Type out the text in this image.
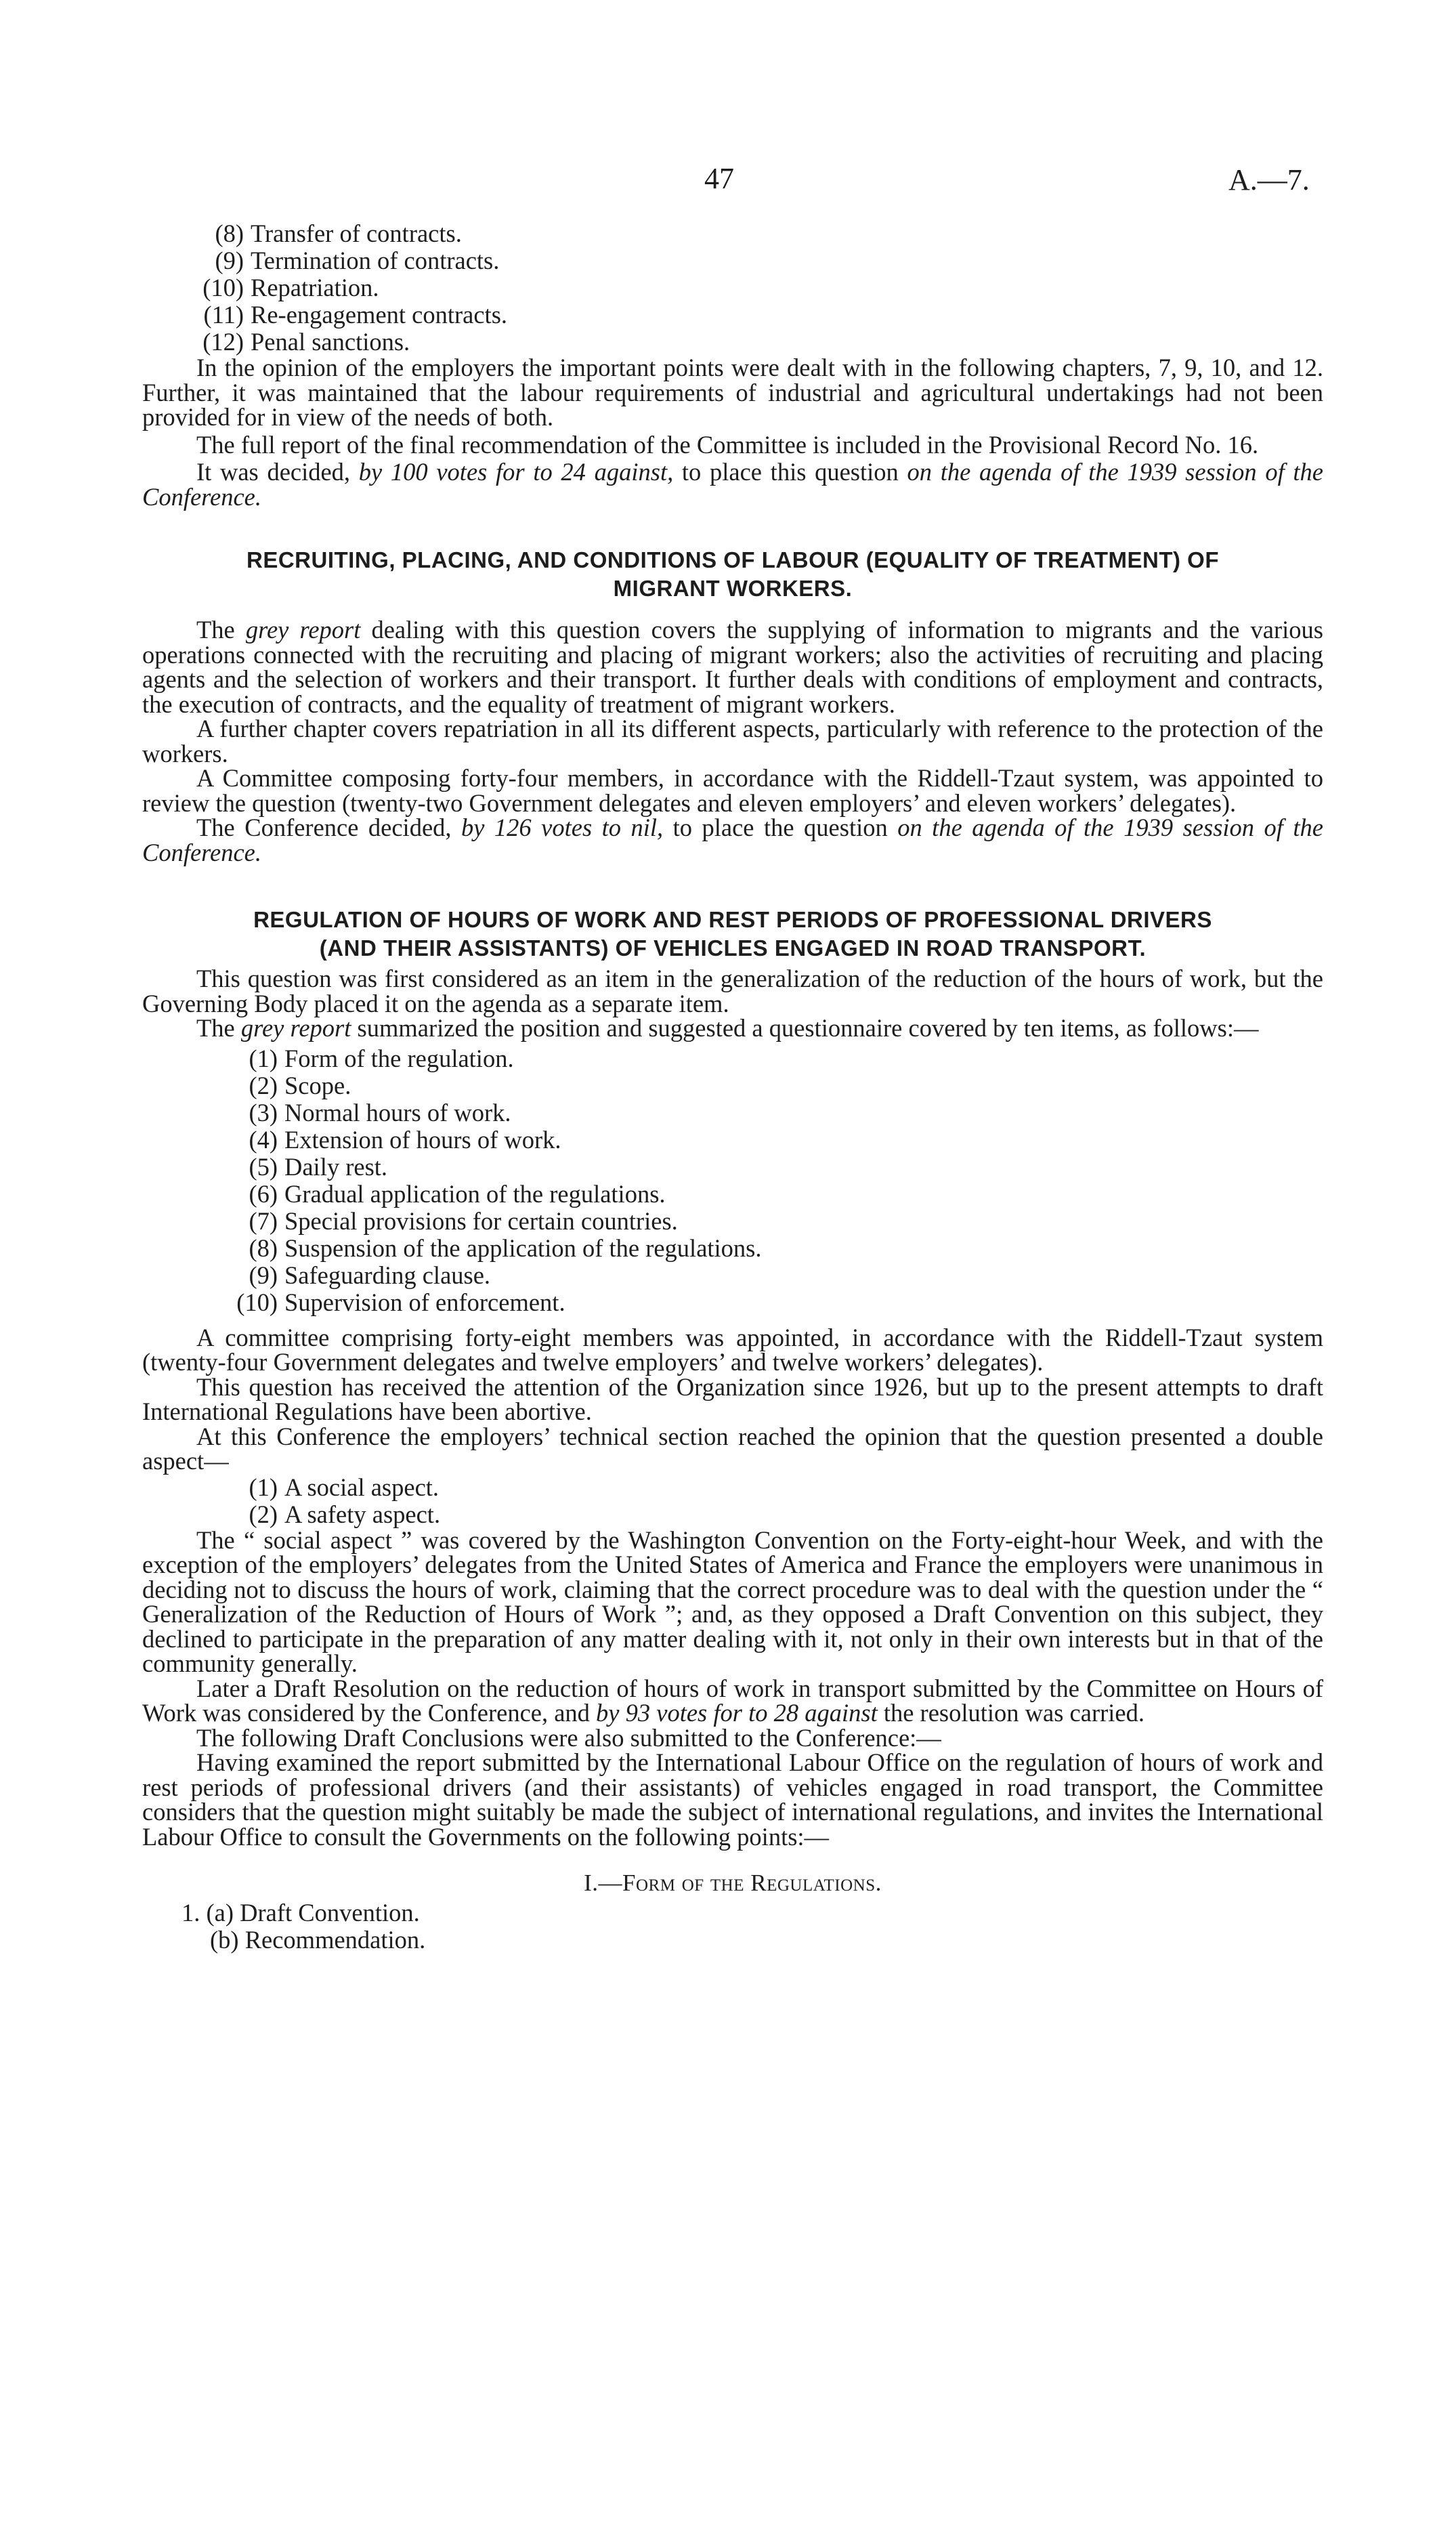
47	A.—7.
(8) Transfer of contracts.
(9) Termination of contracts.
(10) Repatriation.
(11) Re-engagement contracts.
(12) Penal sanctions.

In the opinion of the employers the important points were dealt with in the following chapters, 7, 9, 10, and 12. Further, it was maintained that the labour requirements of industrial and agricultural undertakings had not been provided for in view of the needs of both.

The full report of the final recommendation of the Committee is included in the Provisional Record No. 16.

It was decided, by 100 votes for to 24 against, to place this question on the agenda of the 1939 session of the Conference.

RECRUITING, PLACING, AND CONDITIONS OF LABOUR (EQUALITY OF TREATMENT) OF
MIGRANT WORKERS.

The grey report dealing with this question covers the supplying of information to migrants and the various operations connected with the recruiting and placing of migrant workers; also the activities of recruiting and placing agents and the selection of workers and their transport. It further deals with conditions of employment and contracts, the execution of contracts, and the equality of treatment of migrant workers.

A further chapter covers repatriation in all its different aspects, particularly with reference to the protection of the workers.

A Committee composing forty-four members, in accordance with the Riddell-Tzaut system, was appointed to review the question (twenty-two Government delegates and eleven employers’ and eleven workers’ delegates).

The Conference decided, by 126 votes to nil, to place the question on the agenda of the 1939 session of the Conference.

REGULATION OF HOURS OF WORK AND REST PERIODS OF PROFESSIONAL DRIVERS
(AND THEIR ASSISTANTS) OF VEHICLES ENGAGED IN ROAD TRANSPORT.

This question was first considered as an item in the generalization of the reduction of the hours of work, but the Governing Body placed it on the agenda as a separate item.

The grey report summarized the position and suggested a questionnaire covered by ten items, as follows:—

(1) Form of the regulation.
(2) Scope.
(3) Normal hours of work.
(4) Extension of hours of work.
(5) Daily rest.
(6) Gradual application of the regulations.
(7) Special provisions for certain countries.
(8) Suspension of the application of the regulations.
(9) Safeguarding clause.
(10) Supervision of enforcement.

A committee comprising forty-eight members was appointed, in accordance with the Riddell-Tzaut system (twenty-four Government delegates and twelve employers’ and twelve workers’ delegates).

This question has received the attention of the Organization since 1926, but up to the present attempts to draft International Regulations have been abortive.

At this Conference the employers’ technical section reached the opinion that the question presented a double aspect—

(1) A social aspect.
(2) A safety aspect.

The “ social aspect ” was covered by the Washington Convention on the Forty-eight-hour Week, and with the exception of the employers’ delegates from the United States of America and France the employers were unanimous in deciding not to discuss the hours of work, claiming that the correct procedure was to deal with the question under the “ Generalization of the Reduction of Hours of Work ”; and, as they opposed a Draft Convention on this subject, they declined to participate in the preparation of any matter dealing with it, not only in their own interests but in that of the community generally.

Later a Draft Resolution on the reduction of hours of work in transport submitted by the Committee on Hours of Work was considered by the Conference, and by 93 votes for to 28 against the resolution was carried.

The following Draft Conclusions were also submitted to the Conference:—

Having examined the report submitted by the International Labour Office on the regulation of hours of work and rest periods of professional drivers (and their assistants) of vehicles engaged in road transport, the Committee considers that the question might suitably be made the subject of international regulations, and invites the International Labour Office to consult the Governments on the following points:—

I.—Form of the Regulations.
1. (a) Draft Convention.
(b) Recommendation.
